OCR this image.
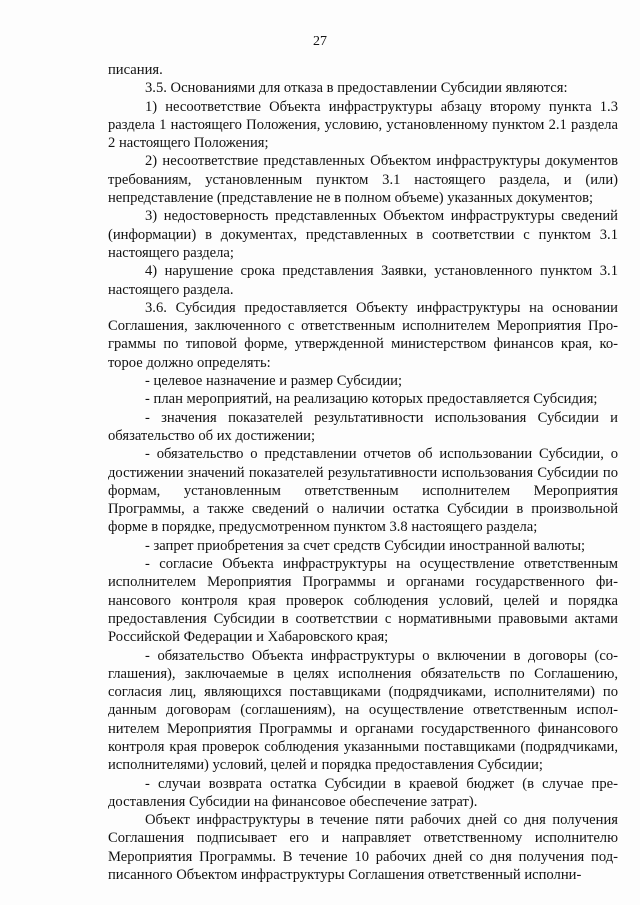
27

писания.

3.5. Основаниями для отказа в предоставлении Субсидии являются:

1) несоответствие Объекта инфраструктуры абзацу второму пункта 1.3 раздела 1 настоящего Положения, условию, установленному пунктом 2.1 раздела 2 настоящего Положения;

2) несоответствие представленных Объектом инфраструктуры документов требованиям, установленным пунктом 3.1 настоящего раздела, и (или) непредставление (представление не в полном объеме) указанных документов;

3) недостоверность представленных Объектом инфраструктуры сведений (информации) в документах, представленных в соответствии с пунктом 3.1 настоящего раздела;

4) нарушение срока представления Заявки, установленного пунктом 3.1 настоящего раздела.

3.6. Субсидия предоставляется Объекту инфраструктуры на основании Соглашения, заключенного с ответственным исполнителем Мероприятия Программы по типовой форме, утвержденной министерством финансов края, которое должно определять:

- целевое назначение и размер Субсидии;

- план мероприятий, на реализацию которых предоставляется Субсидия;

- значения показателей результативности использования Субсидии и обязательство об их достижении;

- обязательство о представлении отчетов об использовании Субсидии, о достижении значений показателей результативности использования Субсидии по формам, установленным ответственным исполнителем Мероприятия Программы, а также сведений о наличии остатка Субсидии в произвольной форме в порядке, предусмотренном пунктом 3.8 настоящего раздела;

- запрет приобретения за счет средств Субсидии иностранной валюты;

- согласие Объекта инфраструктуры на осуществление ответственным исполнителем Мероприятия Программы и органами государственного финансового контроля края проверок соблюдения условий, целей и порядка предоставления Субсидии в соответствии с нормативными правовыми актами Российской Федерации и Хабаровского края;

- обязательство Объекта инфраструктуры о включении в договоры (соглашения), заключаемые в целях исполнения обязательств по Соглашению, согласия лиц, являющихся поставщиками (подрядчиками, исполнителями) по данным договорам (соглашениям), на осуществление ответственным исполнителем Мероприятия Программы и органами государственного финансового контроля края проверок соблюдения указанными поставщиками (подрядчиками, исполнителями) условий, целей и порядка предоставления Субсидии;

- случаи возврата остатка Субсидии в краевой бюджет (в случае предоставления Субсидии на финансовое обеспечение затрат).

Объект инфраструктуры в течение пяти рабочих дней со дня получения Соглашения подписывает его и направляет ответственному исполнителю Мероприятия Программы. В течение 10 рабочих дней со дня получения подписанного Объектом инфраструктуры Соглашения ответственный исполни-
